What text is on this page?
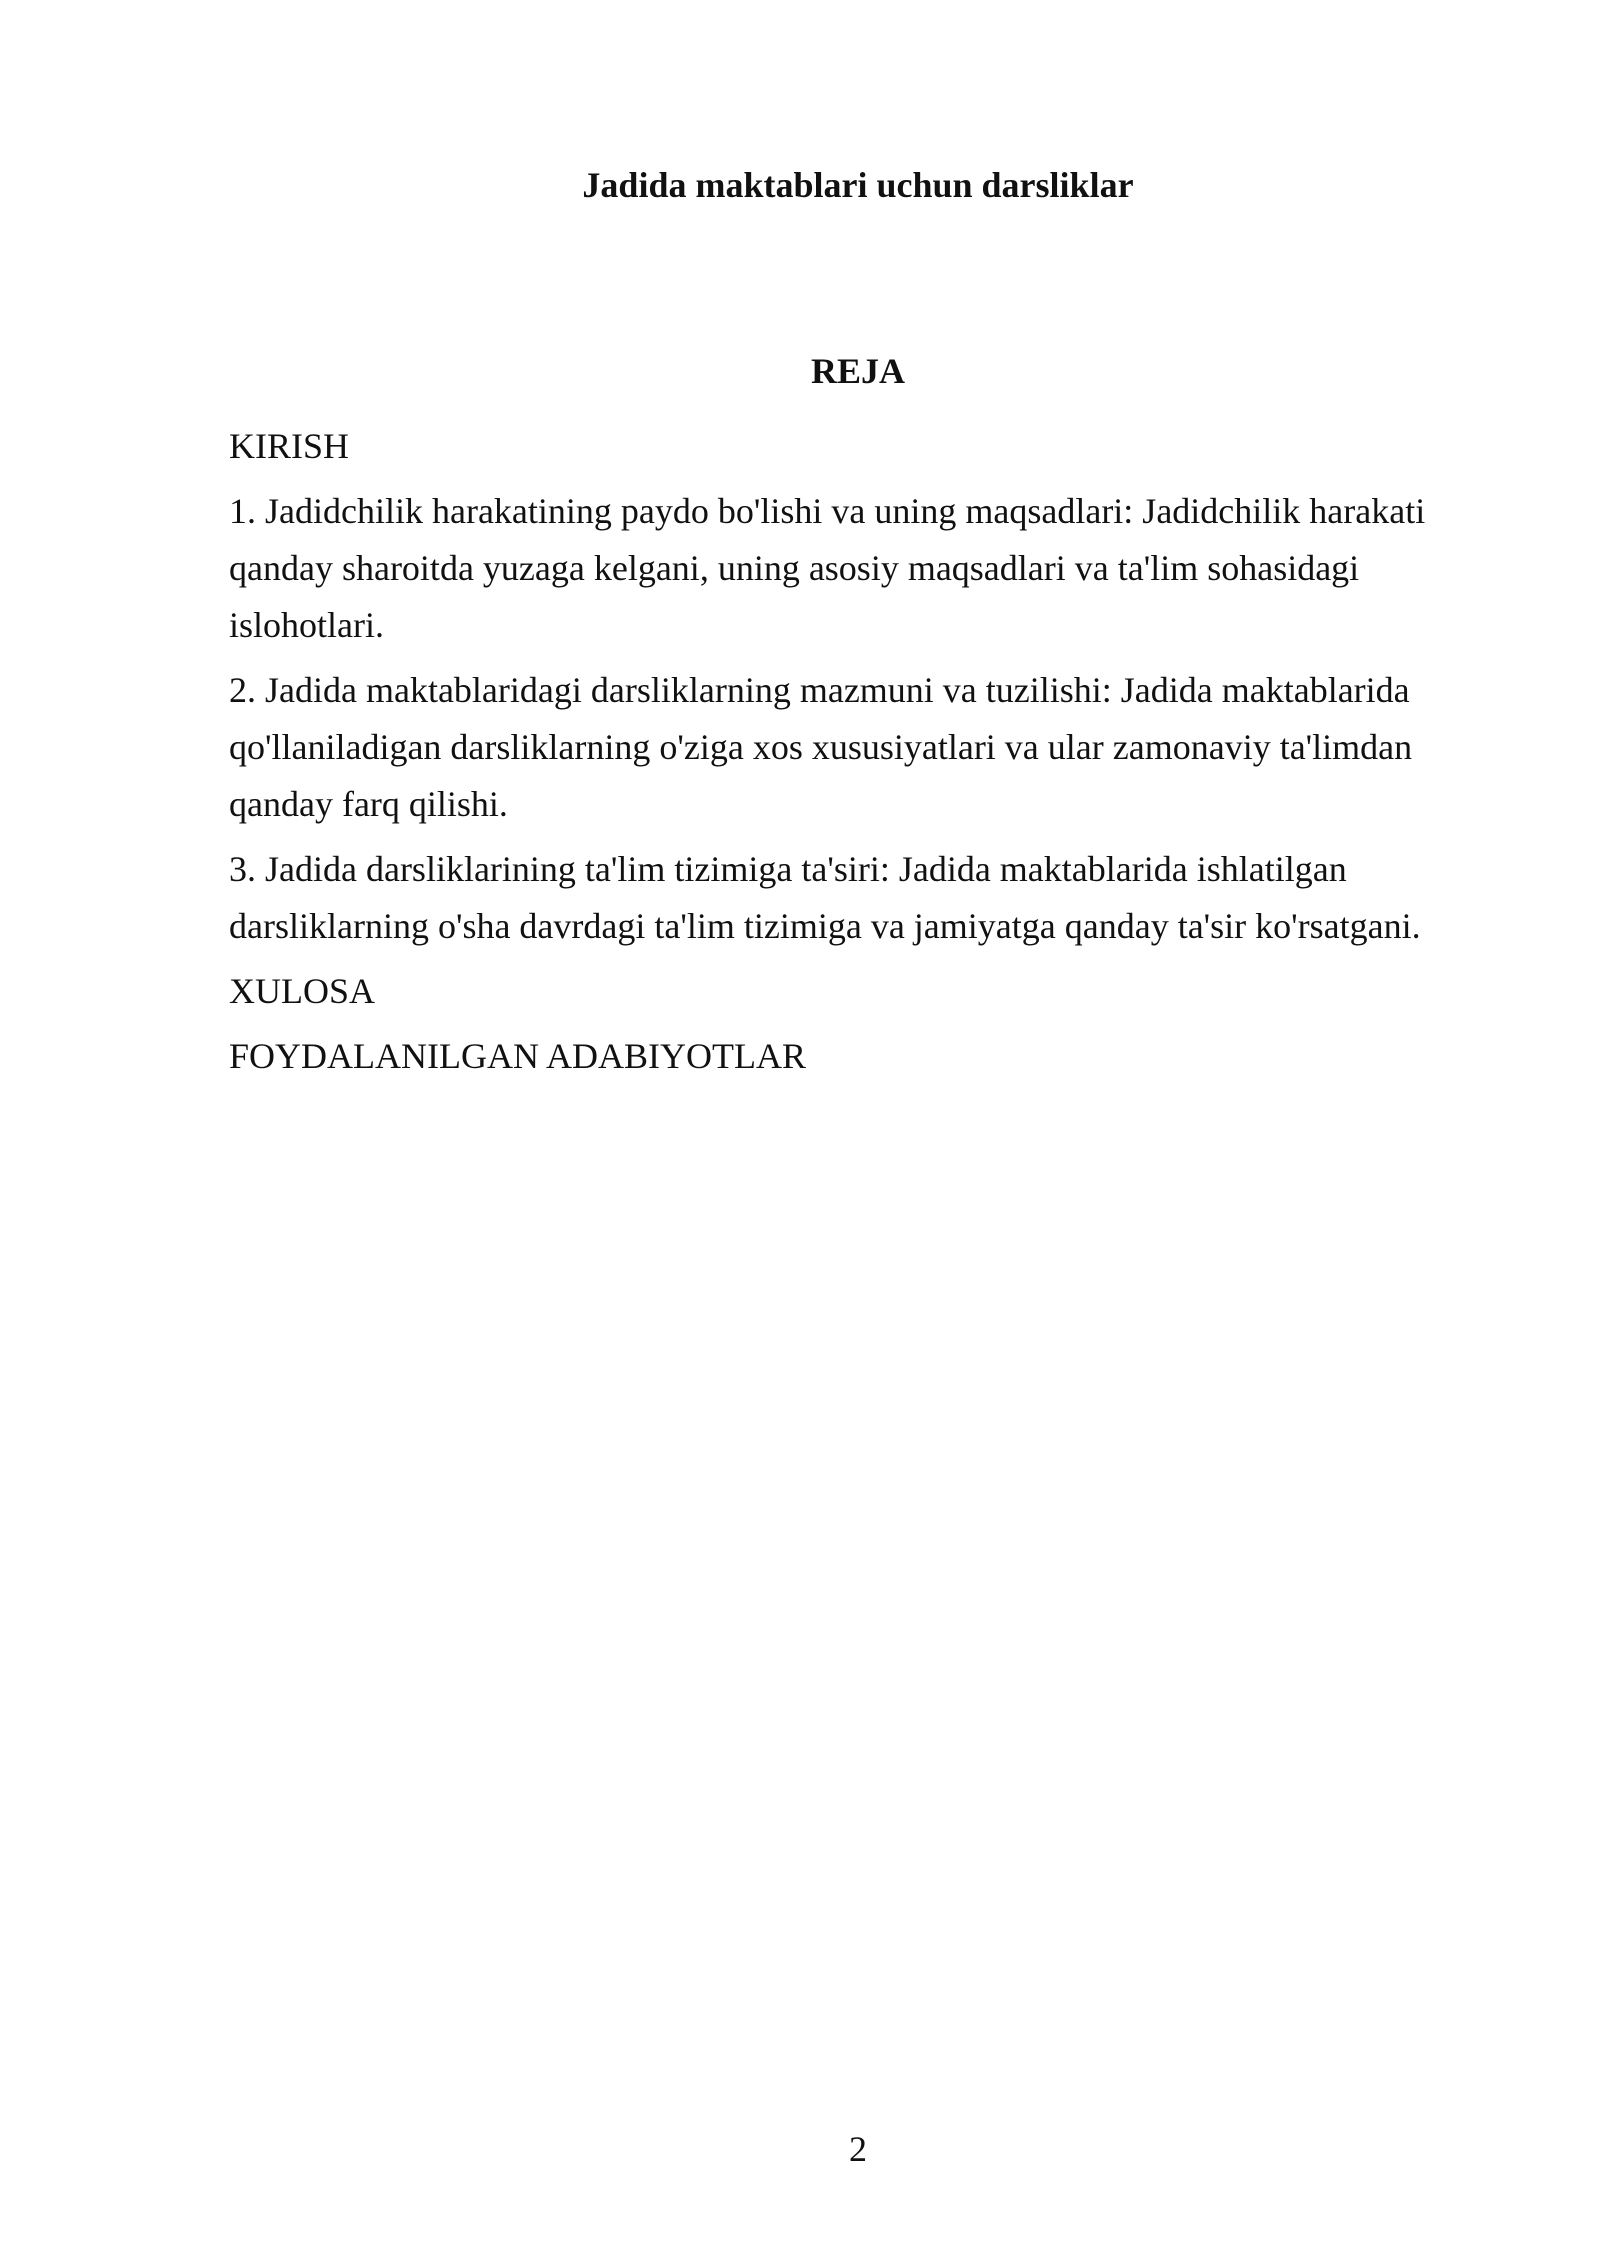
Jadida maktablari uchun darsliklar
REJA

KIRISH

1. Jadidchilik harakatining paydo bo'lishi va uning maqsadlari: Jadidchilik harakati qanday sharoitda yuzaga kelgani, uning asosiy maqsadlari va ta'lim sohasidagi islohotlari.

2. Jadida maktablaridagi darsliklarning mazmuni va tuzilishi: Jadida maktablarida qo'llaniladigan darsliklarning o'ziga xos xususiyatlari va ular zamonaviy ta'limdan qanday farq qilishi.

3. Jadida darsliklarining ta'lim tizimiga ta'siri: Jadida maktablarida ishlatilgan darsliklarning o'sha davrdagi ta'lim tizimiga va jamiyatga qanday ta'sir ko'rsatgani.

XULOSA

FOYDALANILGAN ADABIYOTLAR

2
